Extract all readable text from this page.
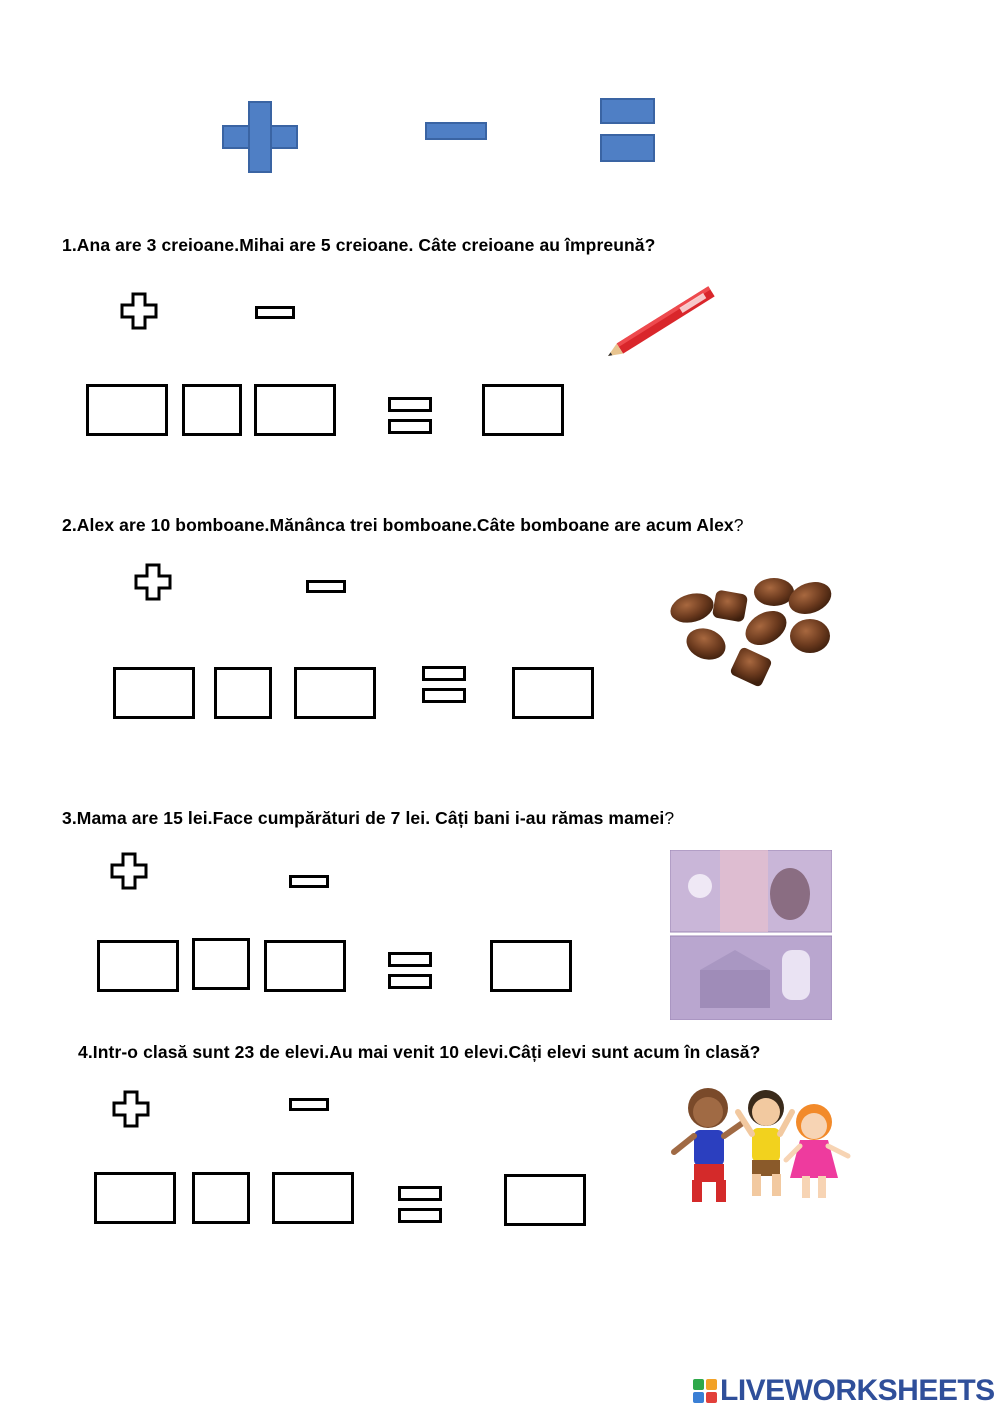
1.Ana are 3 creioane.Mihai are 5 creioane. Câte creioane au împreună?
2.Alex are 10 bomboane.Mănânca trei bomboane.Câte bomboane are acum Alex?
3.Mama are 15 lei.Face cumpărături de 7 lei. Câți bani i-au rămas mamei?
4.Intr-o clasă sunt 23 de elevi.Au mai venit 10 elevi.Câți elevi sunt acum în clasă?
LIVEWORKSHEETS
